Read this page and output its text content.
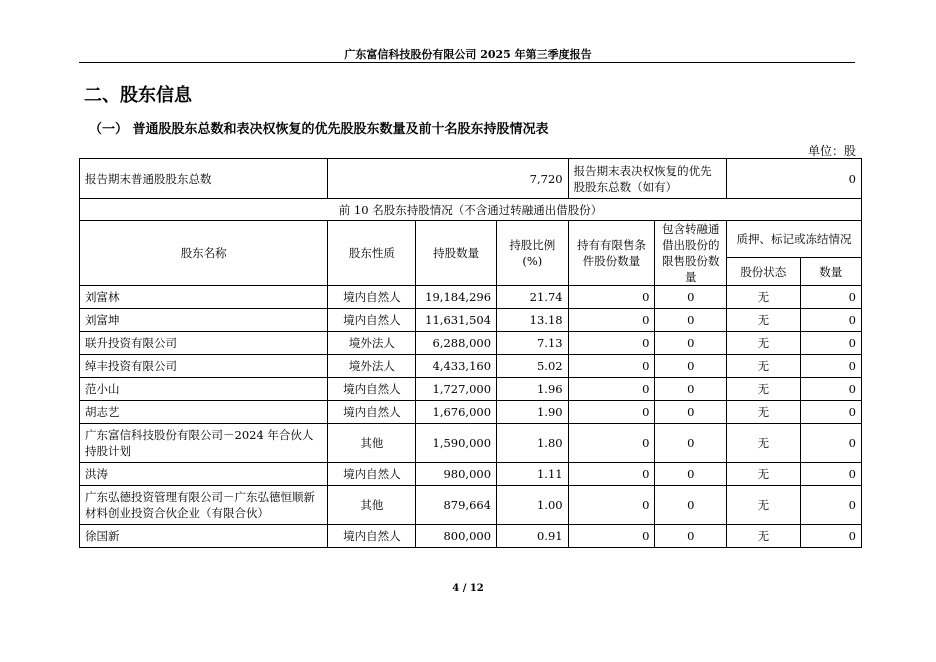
广东富信科技股份有限公司 2025 年第三季度报告
二、股东信息
（一） 普通股股东总数和表决权恢复的优先股股东数量及前十名股东持股情况表
单位：股
报告期末普通股股东总数	7,720			报告期末表决权恢复的优先股股东总数（如有）		0	
前 10 名股东持股情况（不含通过转融通出借股份）							
股东名称	股东性质	持股数量	持股比例 (%)	持有有限售条件股份数量	包含转融通借出股份的限售股份数量	质押、标记或冻结情况	
						股份状态	数量
刘富林	境内自然人	19,184,296	21.74	0	0	无	0
刘富坤	境内自然人	11,631,504	13.18	0	0	无	0
联升投资有限公司	境外法人	6,288,000	7.13	0	0	无	0
绰丰投资有限公司	境外法人	4,433,160	5.02	0	0	无	0
范小山	境内自然人	1,727,000	1.96	0	0	无	0
胡志艺	境内自然人	1,676,000	1.90	0	0	无	0
广东富信科技股份有限公司－2024 年合伙人持股计划	其他	1,590,000	1.80	0	0	无	0
洪涛	境内自然人	980,000	1.11	0	0	无	0
广东弘德投资管理有限公司－广东弘德恒顺新材料创业投资合伙企业（有限合伙）	其他	879,664	1.00	0	0	无	0
徐国新	境内自然人	800,000	0.91	0	0	无	0
4 / 12
